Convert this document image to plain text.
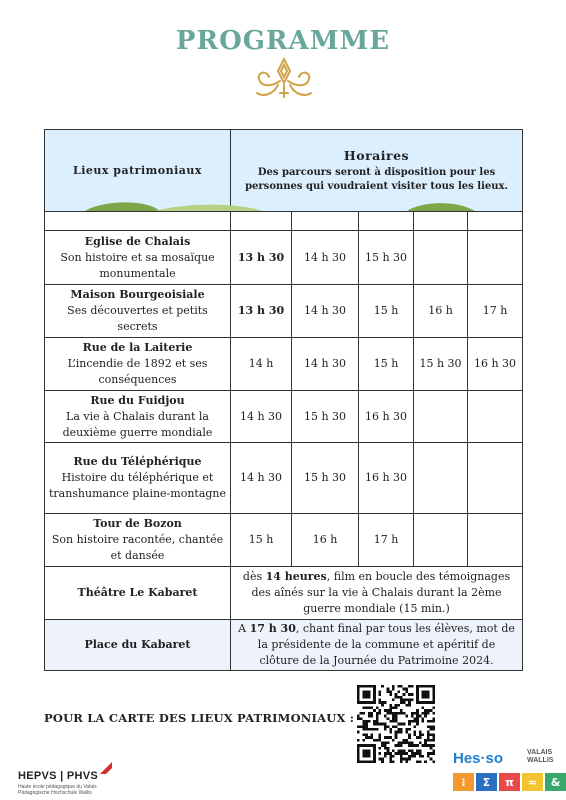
PROGRAMME
Lieux patrimoniaux	Horaires
Des parcours seront à disposition pour les personnes qui voudraient visiter tous les lieux.				

Eglise de Chalais
Son histoire et sa mosaïque monumentale	13 h 30	14 h 30	15 h 30		

Maison Bourgeoisiale
Ses découvertes et petits secrets	13 h 30	14 h 30	15 h	16 h	17 h

Rue de la Laiterie
L’incendie de 1892 et ses conséquences	14 h	14 h 30	15 h	15 h 30	16 h 30

Rue du Fuidjou
La vie à Chalais durant la deuxième guerre mondiale	14 h 30	15 h 30	16 h 30		

Rue du Téléphérique
Histoire du téléphérique et transhumance plaine-montagne	14 h 30	15 h 30	16 h 30		

Tour de Bozon
Son histoire racontée, chantée et dansée	15 h	16 h	17 h		
Théâtre Le Kabaret	dès 14 heures, film en boucle des témoignages des aînés sur la vie à Chalais durant la 2ème guerre mondiale (15 min.)				
Place du Kabaret	A 17 h 30, chant final par tous les élèves, mot de la présidente de la commune et apéritif de clôture de la Journée du Patrimoine 2024.				
POUR LA CARTE DES LIEUX PATRIMONIAUX :
HEPVS | PHVS
Haute école pédagogique du Valais Pädagogische Hochschule Wallis
Hes·so	VALAIS WALLIS
⁝	Σ	π	≈	&
